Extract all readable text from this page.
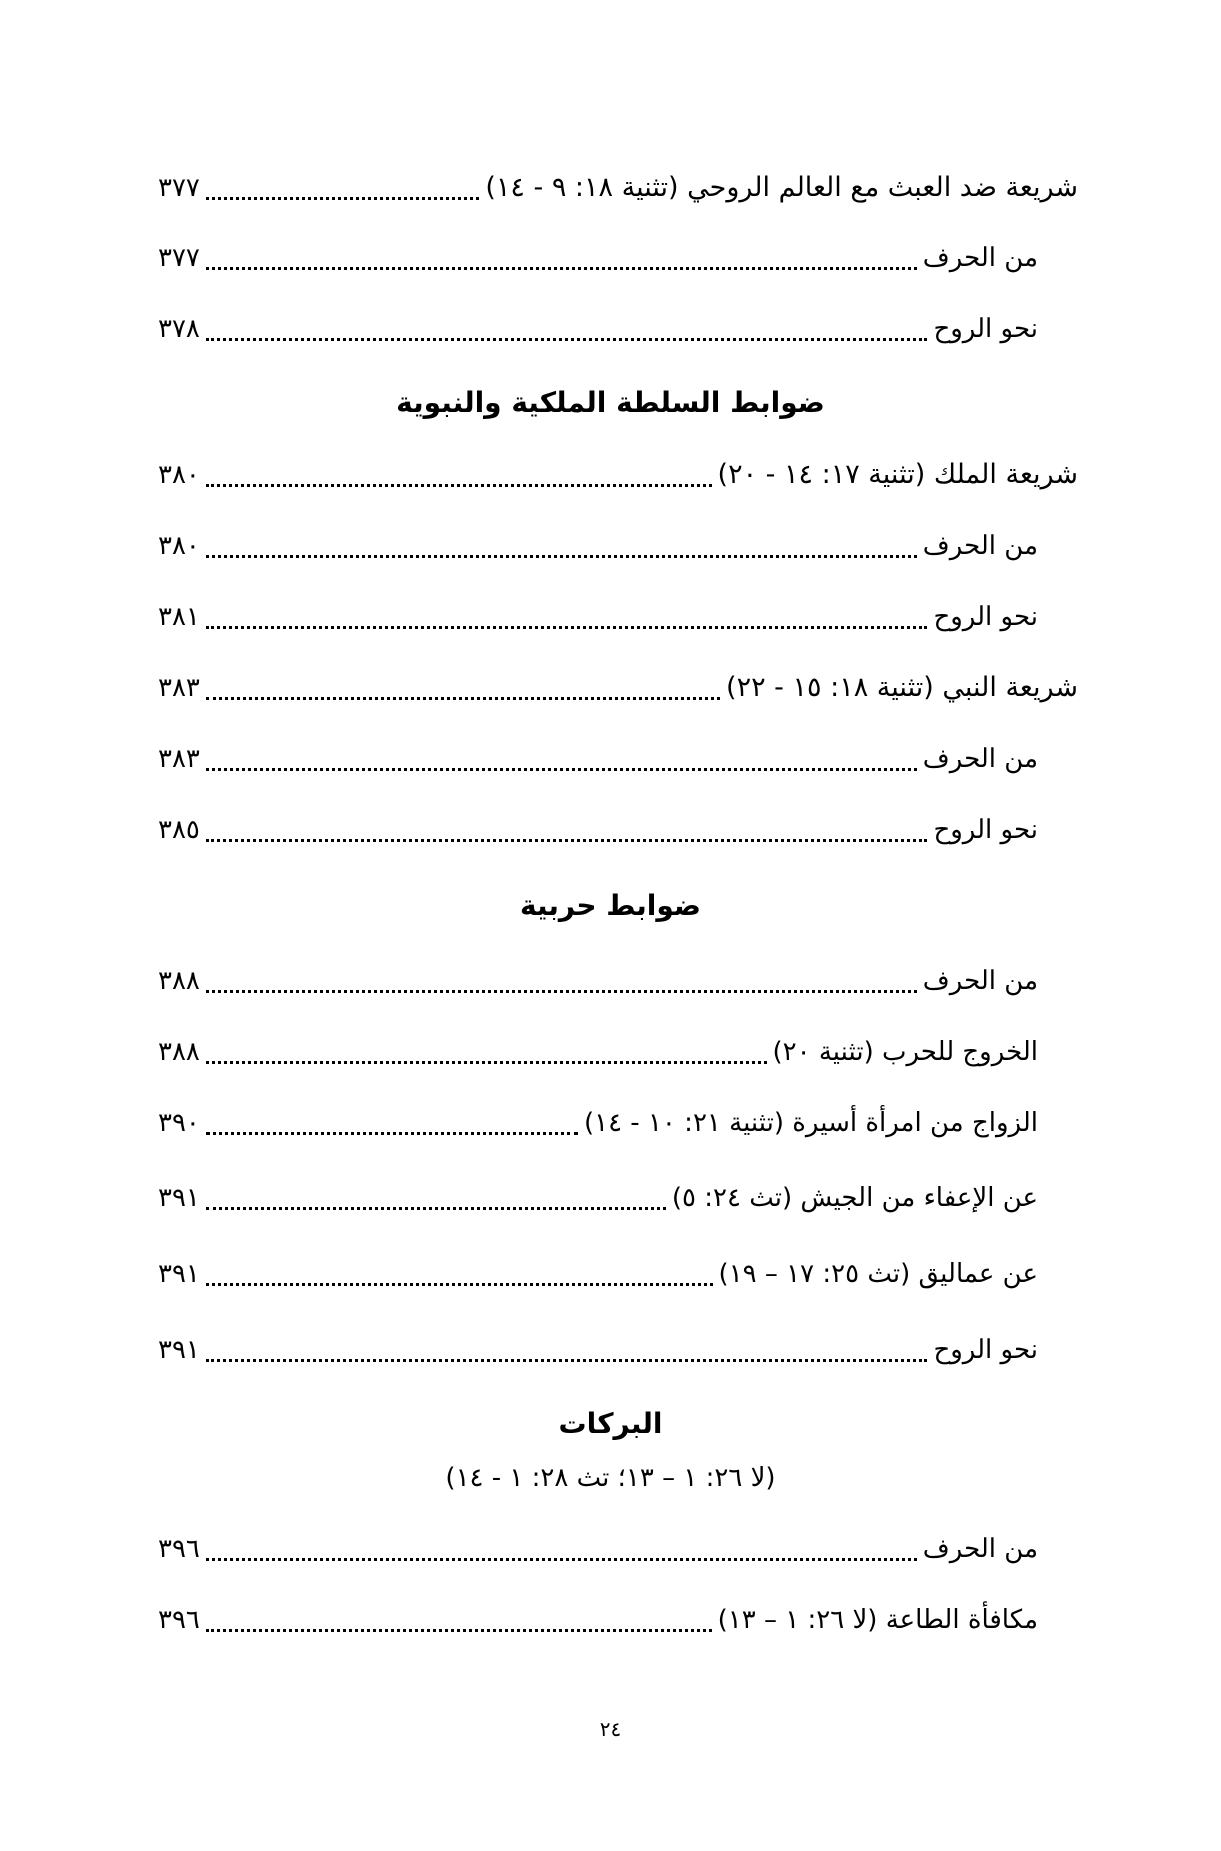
شريعة ضد العبث مع العالم الروحي (تثنية ١٨: ٩ - ١٤)
٣٧٧
من الحرف
٣٧٧
نحو الروح
٣٧٨
ضوابط السلطة الملكية والنبوية
شريعة الملك (تثنية ١٧: ١٤ - ٢٠)
٣٨٠
من الحرف
٣٨٠
نحو الروح
٣٨١
شريعة النبي (تثنية ١٨: ١٥ - ٢٢)
٣٨٣
من الحرف
٣٨٣
نحو الروح
٣٨٥
ضوابط حربية
من الحرف
٣٨٨
الخروج للحرب (تثنية ٢٠)
٣٨٨
الزواج من امرأة أسيرة (تثنية ٢١: ١٠ - ١٤)
٣٩٠
عن الإعفاء من الجيش (تث ٢٤: ٥)
٣٩١
عن عماليق (تث ٢٥: ١٧ – ١٩)
٣٩١
نحو الروح
٣٩١
البركات
(لا ٢٦: ١ – ١٣؛ تث ٢٨: ١ - ١٤)
من الحرف
٣٩٦
مكافأة الطاعة (لا ٢٦: ١ – ١٣)
٣٩٦
٢٤
